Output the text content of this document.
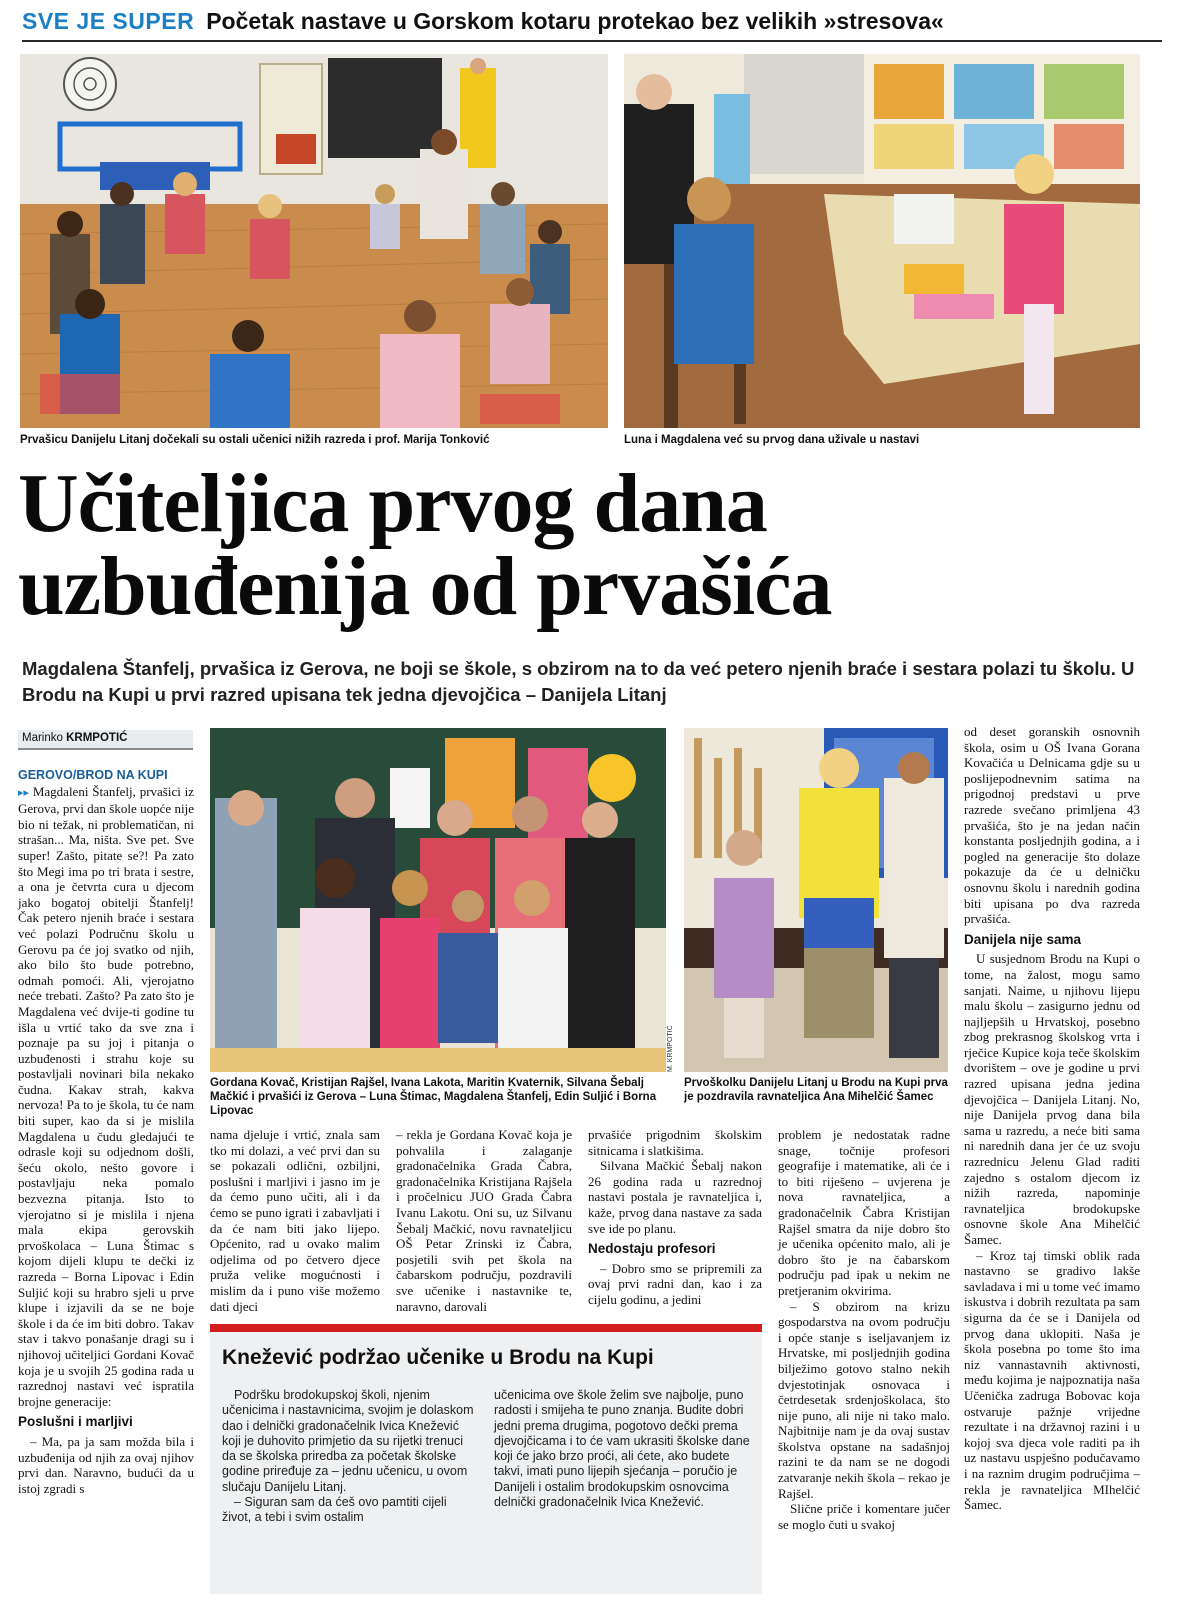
SVE JE SUPER Početak nastave u Gorskom kotaru protekao bez velikih »stresova«
Prvašicu Danijelu Litanj dočekali su ostali učenici nižih razreda i prof. Marija Tonković	Luna i Magdalena već su prvog dana uživale u nastavi
Učiteljica prvog dana
uzbuđenija od prvašića
Magdalena Štanfelj, prvašica iz Gerova, ne boji se škole, s obzirom na to da već petero njenih braće i sestara polazi tu školu. U Brodu na Kupi u prvi razred upisana tek jedna djevojčica – Danijela Litanj
Marinko KRMPOTIĆ
GEROVO/BROD NA KUPI

▸▸ Magdaleni Štanfelj, prvašici iz Gerova, prvi dan škole uopće nije bio ni težak, ni problematičan, ni strašan... Ma, ništa. Sve pet. Sve super! Zašto, pitate se?! Pa zato što Megi ima po tri brata i sestre, a ona je četvrta cura u djecom jako bogatoj obitelji Štanfelj! Čak petero njenih braće i sestara već polazi Područnu školu u Gerovu pa će joj svatko od njih, ako bilo što bude potrebno, odmah pomoći. Ali, vjerojatno neće trebati. Zašto? Pa zato što je Magdalena već dvije-ti godine tu išla u vrtić tako da sve zna i poznaje pa su joj i pitanja o uzbuđenosti i strahu koje su postavljali novinari bila nekako čudna. Kakav strah, kakva nervoza! Pa to je škola, tu će nam biti super, kao da si je mislila Magdalena u čudu gledajući te odrasle koji su odjednom došli, šeću okolo, nešto govore i postavljaju neka pomalo bezvezna pitanja. Isto to vjerojatno si je mislila i njena mala ekipa gerovskih prvoškolaca – Luna Štimac s kojom dijeli klupu te dečki iz razreda – Borna Lipovac i Edin Suljić koji su hrabro sjeli u prve klupe i izjavili da se ne boje škole i da će im biti dobro. Takav stav i takvo ponašanje dragi su i njihovoj učiteljici Gordani Kovač koja je u svojih 25 godina rada u razrednoj nastavi već ispratila brojne generacije:

Poslušni i marljivi

– Ma, pa ja sam možda bila i uzbuđenija od njih za ovaj njihov prvi dan. Naravno, budući da u istoj zgradi s

M. KRMPOTIĆ
Gordana Kovač, Kristijan Rajšel, Ivana Lakota, Maritin Kvaternik, Silvana Šebalj Mačkić i prvašići iz Gerova – Luna Štimac, Magdalena Štanfelj, Edin Suljić i Borna Lipovac
Prvoškolku Danijelu Litanj u Brodu na Kupi prva je pozdravila ravnateljica Ana Mihelčić Šamec

nama djeluje i vrtić, znala sam tko mi dolazi, a već prvi dan su se pokazali odlični, ozbiljni, poslušni i marljivi i jasno im je da ćemo puno učiti, ali i da ćemo se puno igrati i zabavljati i da će nam biti jako lijepo. Općenito, rad u ovako malim odjelima od po četvero djece pruža velike mogućnosti i mislim da i puno više možemo dati djeci

– rekla je Gordana Kovač koja je pohvalila i zalaganje gradonačelnika Grada Čabra, gradonačelnika Kristijana Rajšela i pročelnicu JUO Grada Čabra Ivanu Lakotu. Oni su, uz Silvanu Šebalj Mačkić, novu ravnateljicu OŠ Petar Zrinski iz Čabra, posjetili svih pet škola na čabarskom području, pozdravili sve učenike i nastavnike te, naravno, darovali

prvašiće prigodnim školskim sitnicama i slatkišima.

Silvana Mačkić Šebalj nakon 26 godina rada u razrednoj nastavi postala je ravnateljica i, kaže, prvog dana nastave za sada sve ide po planu.

Nedostaju profesori

– Dobro smo se pripremili za ovaj prvi radni dan, kao i za cijelu godinu, a jedini

problem je nedostatak radne snage, točnije profesori geografije i matematike, ali će i to biti riješeno – uvjerena je nova ravnateljica, a gradonačelnik Čabra Kristijan Rajšel smatra da nije dobro što je učenika općenito malo, ali je dobro što je na čabarskom području pad ipak u nekim ne pretjeranim okvirima.

– S obzirom na krizu gospodarstva na ovom području i opće stanje s iseljavanjem iz Hrvatske, mi posljednjih godina bilježimo gotovo stalno nekih dvjestotinjak osnovaca i četrdesetak srdenjoškolaca, što nije puno, ali nije ni tako malo. Najbitnije nam je da ovaj sustav školstva opstane na sadašnjoj razini te da nam se ne dogodi zatvaranje nekih škola – rekao je Rajšel.

Slične priče i komentare jučer se moglo čuti u svakoj

od deset goranskih osnovnih škola, osim u OŠ Ivana Gorana Kovačića u Delnicama gdje su u poslijepodnevnim satima na prigodnoj predstavi u prve razrede svečano primljena 43 prvašića, što je na jedan način konstanta posljednjih godina, a i pogled na generacije što dolaze pokazuje da će u delničku osnovnu školu i narednih godina biti upisana po dva razreda prvašića.

Danijela nije sama

U susjednom Brodu na Kupi o tome, na žalost, mogu samo sanjati. Naime, u njihovu lijepu malu školu – zasigurno jednu od najljepših u Hrvatskoj, posebno zbog prekrasnog školskog vrta i rječice Kupice koja teče školskim dvorištem – ove je godine u prvi razred upisana jedna jedina djevojčica – Danijela Litanj. No, nije Danijela prvog dana bila sama u razredu, a neće biti sama ni narednih dana jer će uz svoju razrednicu Jelenu Glad raditi zajedno s ostalom djecom iz nižih razreda, napominje ravnateljica brodokupske osnovne škole Ana Mihelčić Šamec.

– Kroz taj timski oblik rada nastavno se gradivo lakše savladava i mi u tome već imamo iskustva i dobrih rezultata pa sam sigurna da će se i Danijela od prvog dana uklopiti. Naša je škola posebna po tome što ima niz vannastavnih aktivnosti, među kojima je najpoznatija naša Učenička zadruga Bobovac koja ostvaruje pažnje vrijedne rezultate i na državnoj razini i u kojoj sva djeca vole raditi pa ih uz nastavu uspješno podučavamo i na raznim drugim područjima – rekla je ravnateljica MIhelčić Šamec.

Knežević podržao učenike u Brodu na Kupi

Podršku brodokupskoj školi, njenim učenicima i nastavnicima, svojim je dolaskom dao i delnički gradonačelnik Ivica Knežević koji je duhovito primjetio da su rijetki trenuci da se školska priredba za početak školske godine priređuje za – jednu učenicu, u ovom slučaju Danijelu Litanj.

– Siguran sam da ćeš ovo pamtiti cijeli život, a tebi i svim ostalim

učenicima ove škole želim sve najbolje, puno radosti i smijeha te puno znanja. Budite dobri jedni prema drugima, pogotovo dečki prema djevojčicama i to će vam ukrasiti školske dane koji će jako brzo proći, ali ćete, ako budete takvi, imati puno lijepih sjećanja – poručio je Danijeli i ostalim brodokupskim osnovcima delnički gradonačelnik Ivica Knežević.
